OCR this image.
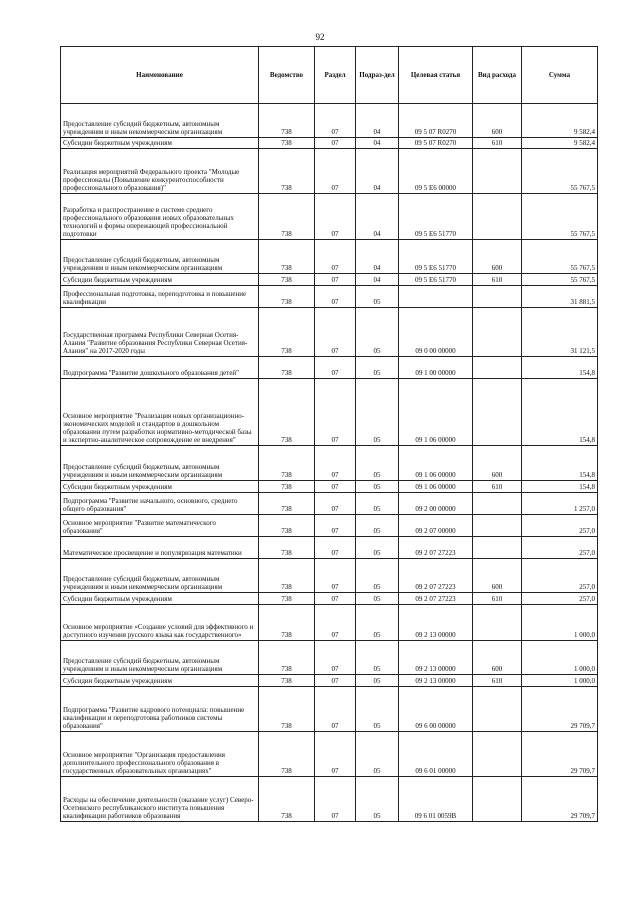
92
Наименование	Ведомство	Раздел	Подраз-дел	Целевая статья	Вид расхода	Сумма
Предоставление субсидий бюджетным, автономным учреждениям и иным некоммерческим организациям	738	07	04	09 5 07 R0270	600	9 582,4
Субсидии бюджетным учреждениям	738	07	04	09 5 07 R0270	610	9 582,4
Реализация мероприятий Федерального проекта "Молодые профессионалы (Повышение конкурентоспособности профессионального образования)"	738	07	04	09 5 E6 00000		55 767,5
Разработка и распространение в системе среднего профессионального образования новых образовательных технологий и формы опережающей профессиональной подготовки	738	07	04	09 5 E6 51770		55 767,5
Предоставление субсидий бюджетным, автономным учреждениям и иным некоммерческим организациям	738	07	04	09 5 E6 51770	600	55 767,5
Субсидии бюджетным учреждениям	738	07	04	09 5 E6 51770	610	55 767,5
Профессиональная подготовка, переподготовка и повышение квалификации	738	07	05			31 881,5
Государственная программа Республики Северная Осетия-Алания "Развитие образования Республики Северная Осетия-Алания" на 2017-2020 годы	738	07	05	09 0 00 00000		31 121,5
Подпрограмма "Развитие дошкольного образования детей"	738	07	05	09 1 00 00000		154,8
Основное мероприятие "Реализация новых организационно-экономических моделей и стандартов в дошкольном образовании путем разработки нормативно-методической базы и экспертно-аналитическое сопровождение ее внедрения"	738	07	05	09 1 06 00000		154,8
Предоставление субсидий бюджетным, автономным учреждениям и иным некоммерческим организациям	738	07	05	09 1 06 00000	600	154,8
Субсидии бюджетным учреждениям	738	07	05	09 1 06 00000	610	154,8
Подпрограмма "Развитие начального, основного, среднего общего образования"	738	07	05	09 2 00 00000		1 257,0
Основное мероприятие "Развитие математического образования"	738	07	05	09 2 07 00000		257,0
Математическое просвещение и популяризация математики	738	07	05	09 2 07 27223		257,0
Предоставление субсидий бюджетным, автономным учреждениям и иным некоммерческим организациям	738	07	05	09 2 07 27223	600	257,0
Субсидии бюджетным учреждениям	738	07	05	09 2 07 27223	610	257,0
Основное мероприятие «Создание условий для эффективного и доступного изучения русского языка как государственного»	738	07	05	09 2 13 00000		1 000,0
Предоставление субсидий бюджетным, автономным учреждениям и иным некоммерческим организациям	738	07	05	09 2 13 00000	600	1 000,0
Субсидии бюджетным учреждениям	738	07	05	09 2 13 00000	610	1 000,0
Подпрограмма "Развитие кадрового потенциала: повышение квалификации и переподготовка работников системы образования"	738	07	05	09 6 00 00000		29 709,7
Основное мероприятие "Организация предоставления дополнительного профессионального образования в государственных образовательных организациях"	738	07	05	09 6 01 00000		29 709,7
Расходы на обеспечение деятельности (оказание услуг) Северо-Осетинского республиканского института повышения квалификации работников образования	738	07	05	09 6 01 0059B		29 709,7
